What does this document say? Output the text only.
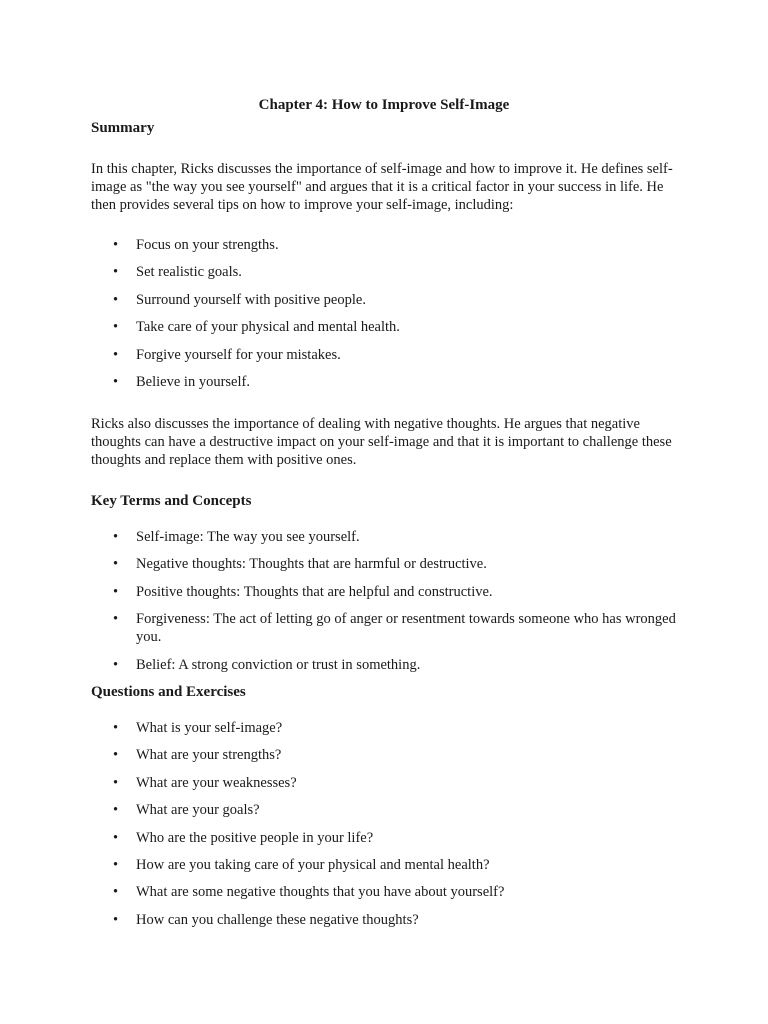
Chapter 4: How to Improve Self-Image
Summary

In this chapter, Ricks discusses the importance of self-image and how to improve it. He defines self-image as "the way you see yourself" and argues that it is a critical factor in your success in life. He then provides several tips on how to improve your self-image, including:

• Focus on your strengths.
• Set realistic goals.
• Surround yourself with positive people.
• Take care of your physical and mental health.
• Forgive yourself for your mistakes.
• Believe in yourself.

Ricks also discusses the importance of dealing with negative thoughts. He argues that negative thoughts can have a destructive impact on your self-image and that it is important to challenge these thoughts and replace them with positive ones.

Key Terms and Concepts
• Self-image: The way you see yourself.
• Negative thoughts: Thoughts that are harmful or destructive.
• Positive thoughts: Thoughts that are helpful and constructive.
• Forgiveness: The act of letting go of anger or resentment towards someone who has wronged you.
• Belief: A strong conviction or trust in something.
Questions and Exercises
• What is your self-image?
• What are your strengths?
• What are your weaknesses?
• What are your goals?
• Who are the positive people in your life?
• How are you taking care of your physical and mental health?
• What are some negative thoughts that you have about yourself?
• How can you challenge these negative thoughts?
